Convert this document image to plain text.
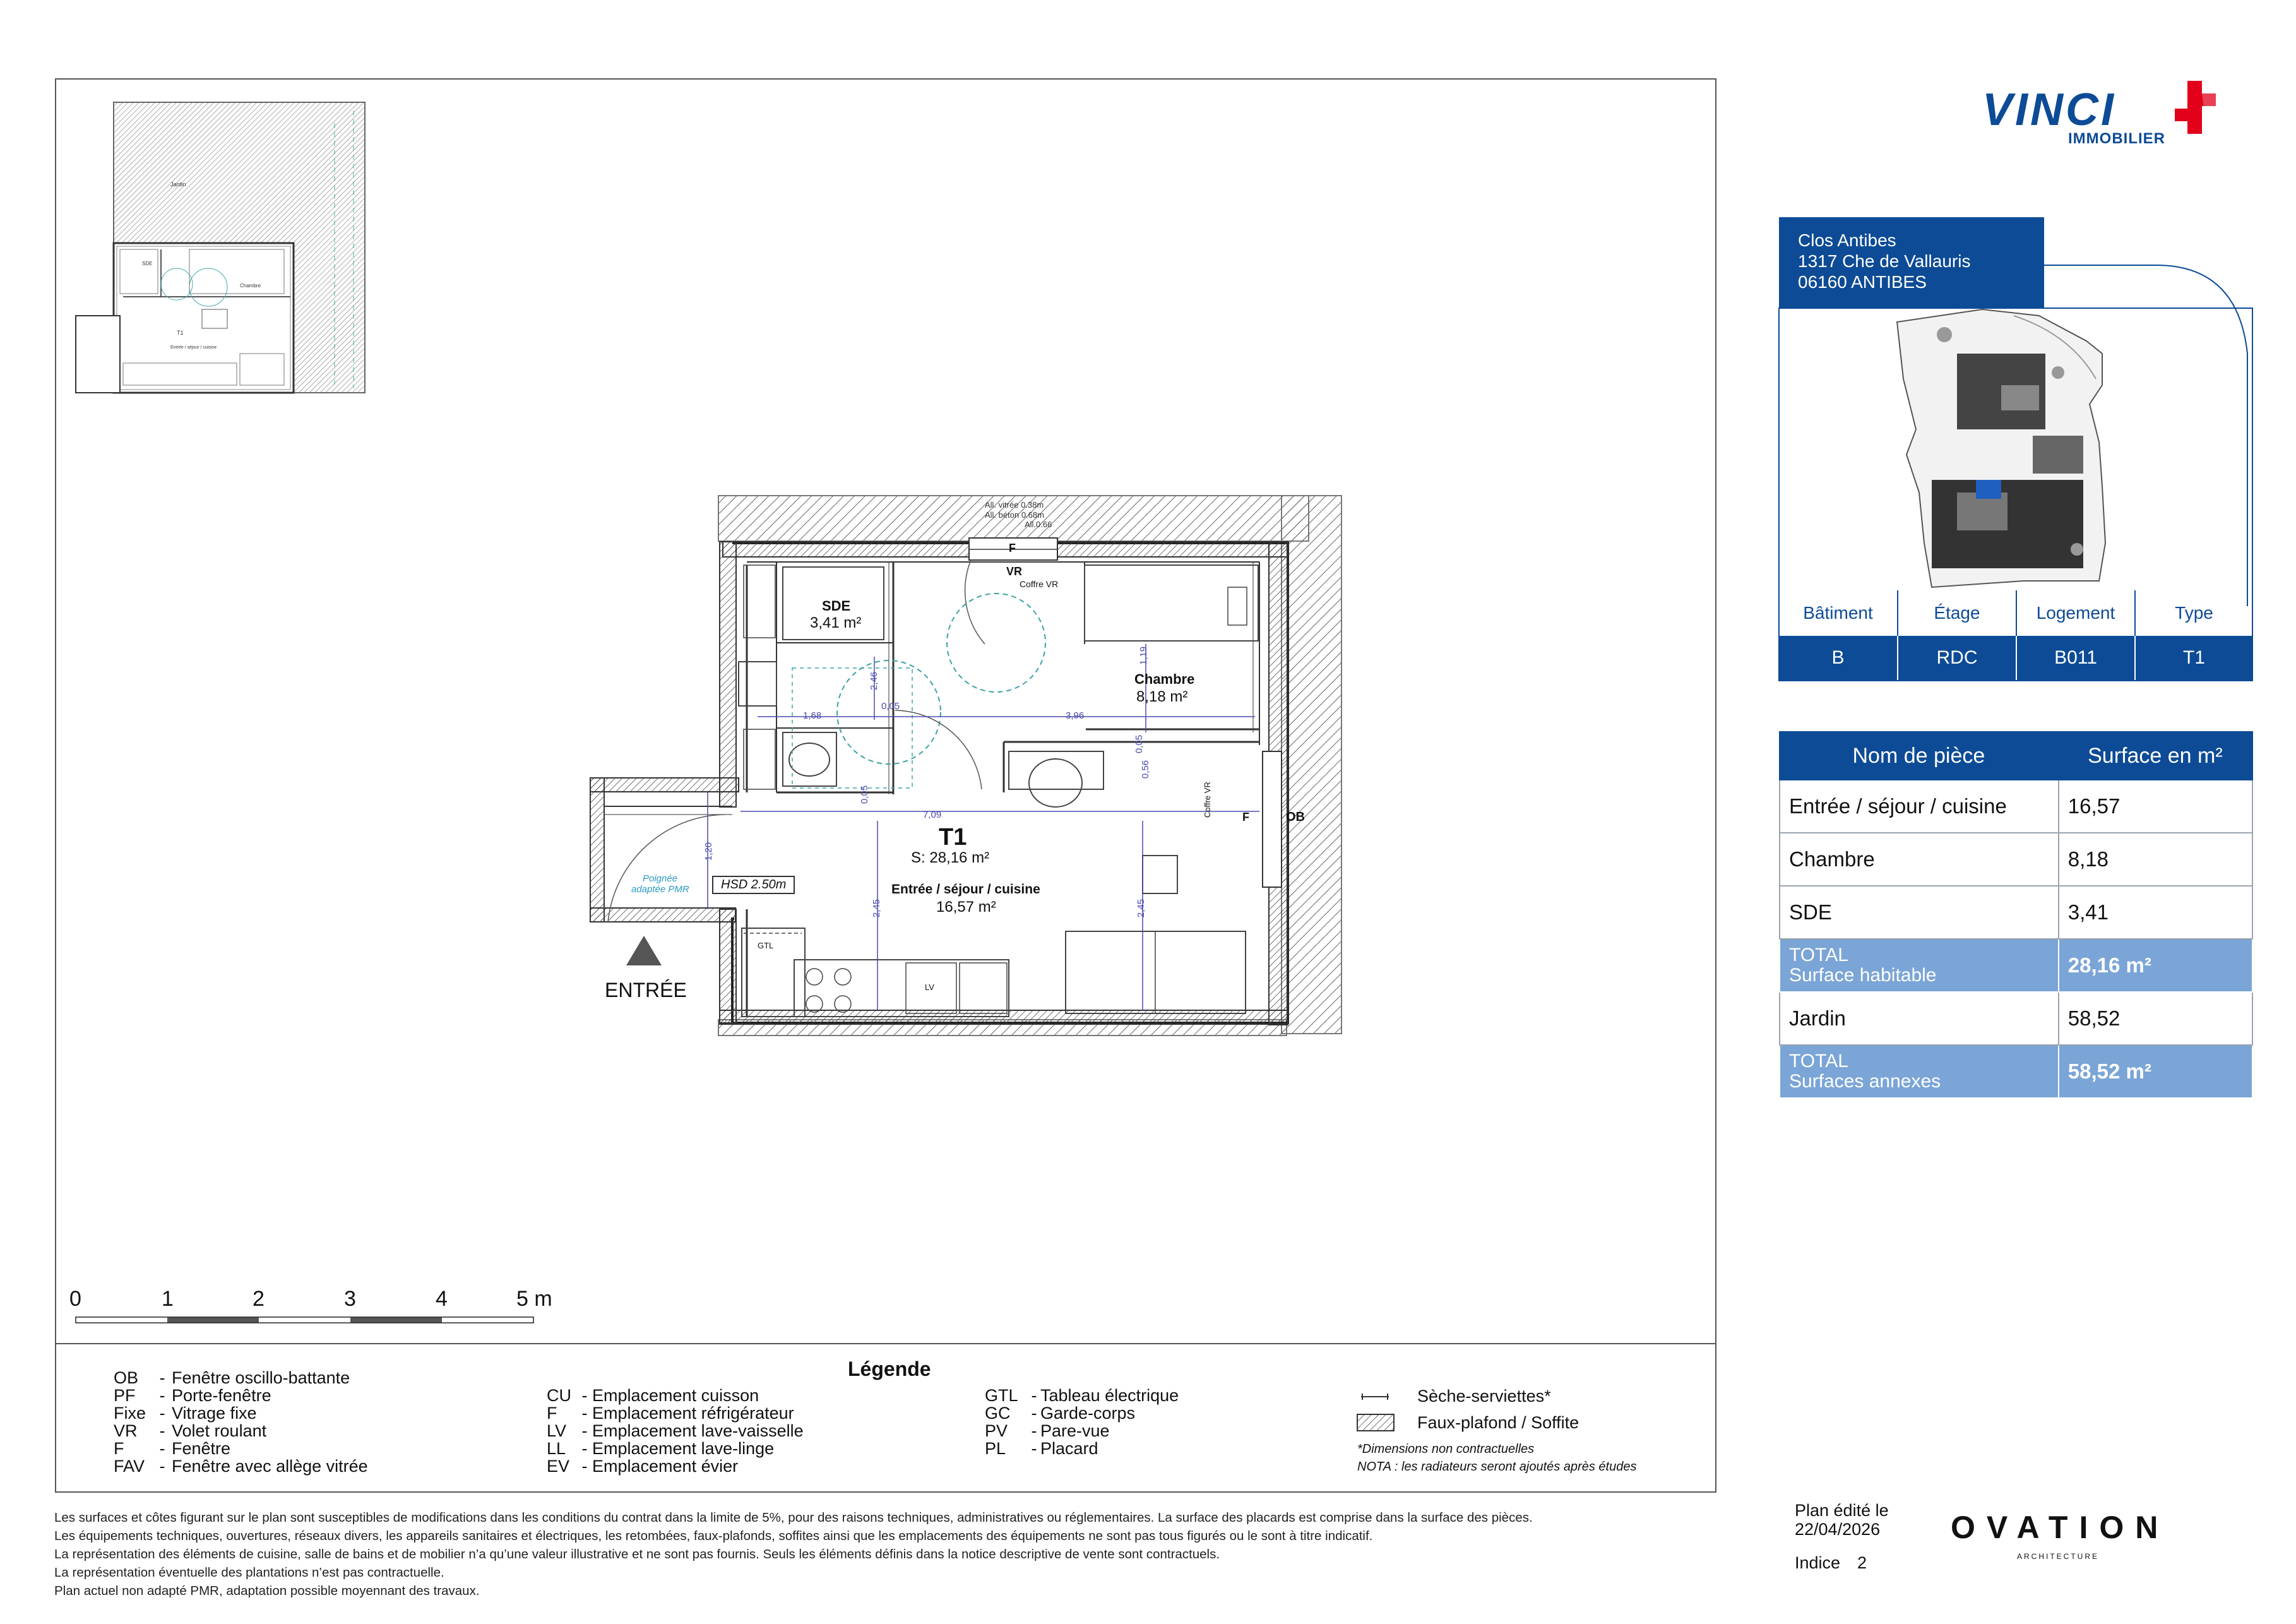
Jardin
SDE
Chambre
T1
Entrée / séjour / cuisine
All. vitrée 0.38m
All. béton 0.68m
All.0.66
F
VR
Coffre VR
SDE
3,41 m²
Chambre
8,18 m²
T1
S: 28,16 m²
Entrée / séjour / cuisine
16,57 m²
ENTRÉE
HSD 2.50m
Poignée
adaptée PMR
F	OB
Coffre VR
GTL
LV
2,46
0,05
1,68	3,96
1,19
0,05
0,56
0,05
7,09
1,20
2,45	2,45
0	1	2	3	4	5 m
VINCI
IMMOBILIER
Clos Antibes
1317 Che de Vallauris
06160 ANTIBES
Bâtiment	Étage	Logement	Type
B	RDC	B011	T1
Nom de pièce	Surface en m²
Entrée / séjour / cuisine	16,57
Chambre	8,18
SDE	3,41

TOTAL
Surface habitable	28,16 m²
Jardin	58,52

TOTAL
Surfaces annexes	58,52 m²
Légende
OB	- Fenêtre oscillo-battante
PF	- Porte-fenêtre
Fixe - Vitrage fixe
VR	- Volet roulant
F	- Fenêtre
FAV - Fenêtre avec allège vitrée
CU - Emplacement cuisson
F	- Emplacement réfrigérateur
LV - Emplacement lave-vaisselle
LL - Emplacement lave-linge
EV - Emplacement évier
GTL - Tableau électrique
GC	- Garde-corps
PV	- Pare-vue
PL	- Placard
Sèche-serviettes*
Faux-plafond / Soffite
*Dimensions non contractuelles
NOTA : les radiateurs seront ajoutés après études
Les surfaces et côtes figurant sur le plan sont susceptibles de modifications dans les conditions du contrat dans la limite de 5%, pour des raisons techniques, administratives ou réglementaires. La surface des placards est comprise dans la surface des pièces.
Les équipements techniques, ouvertures, réseaux divers, les appareils sanitaires et électriques, les retombées, faux-plafonds, soffites ainsi que les emplacements des équipements ne sont pas tous figurés ou le sont à titre indicatif.
La représentation des éléments de cuisine, salle de bains et de mobilier n’a qu’une valeur illustrative et ne sont pas fournis. Seuls les éléments définis dans la notice descriptive de vente sont contractuels.
La représentation éventuelle des plantations n’est pas contractuelle.
Plan actuel non adapté PMR, adaptation possible moyennant des travaux.
Plan édité le
22/04/2026
Indice 2
OVATION
ARCHITECTURE
